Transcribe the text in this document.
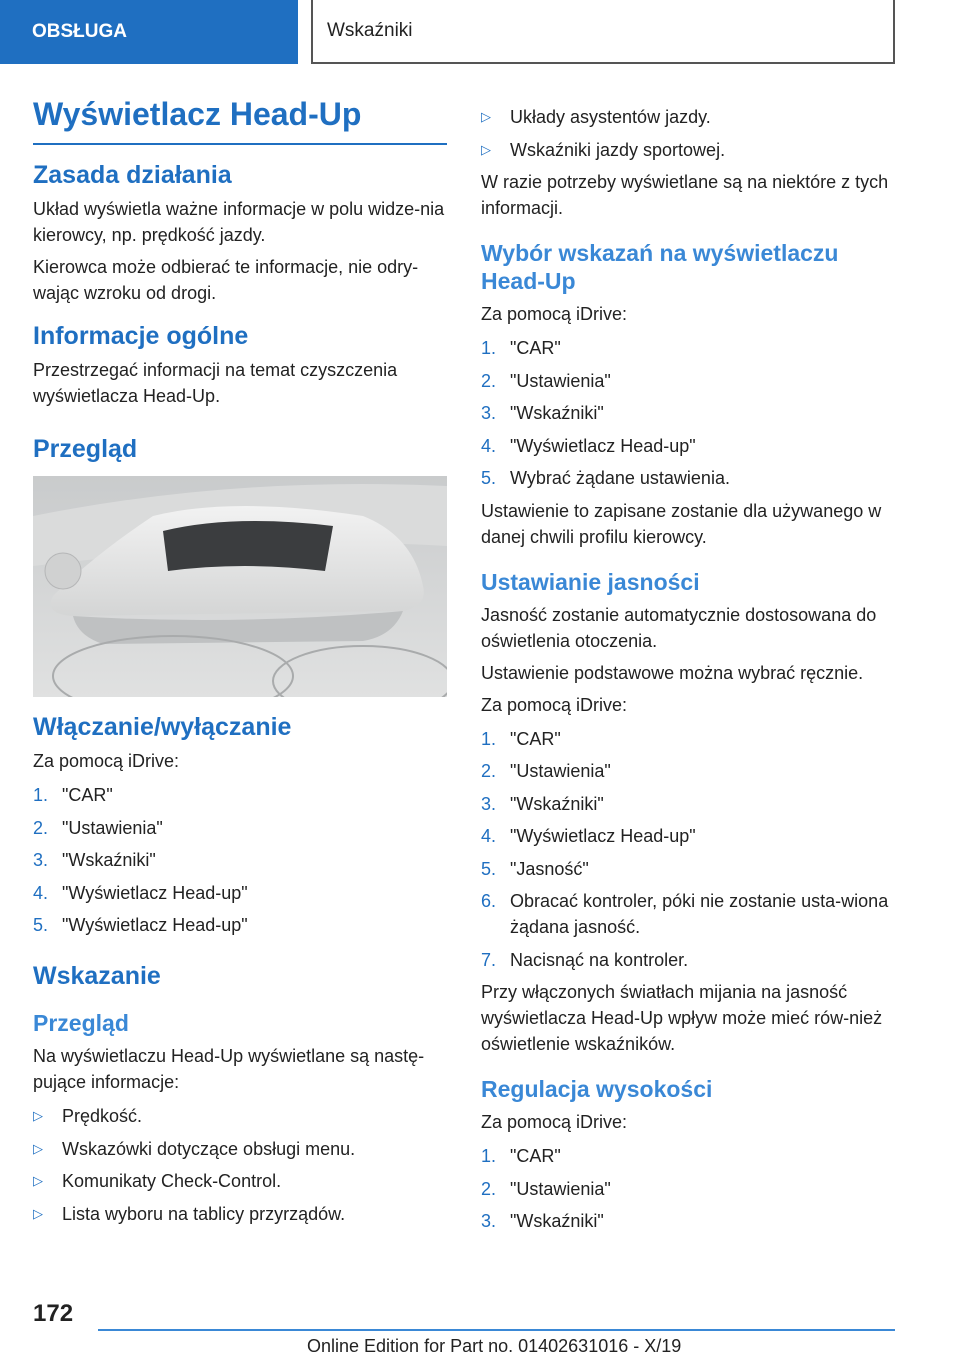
OBSŁUGA	Wskaźniki
Wyświetlacz Head-Up
Zasada działania

Układ wyświetla ważne informacje w polu widze-nia kierowcy, np. prędkość jazdy.

Kierowca może odbierać te informacje, nie odry-wając wzroku od drogi.

Informacje ogólne

Przestrzegać informacji na temat czyszczenia wyświetlacza Head-Up.

Przegląd
Włączanie/wyłączanie

Za pomocą iDrive:

1. "CAR"
2. "Ustawienia"
3. "Wskaźniki"
4. "Wyświetlacz Head-up"
5. "Wyświetlacz Head-up"
Wskazanie
Przegląd

Na wyświetlaczu Head-Up wyświetlane są nastę-pujące informacje:

▷	Prędkość.
▷	Wskazówki dotyczące obsługi menu.
▷	Komunikaty Check-Control.
▷	Lista wyboru na tablicy przyrządów.
▷	Układy asystentów jazdy.
▷	Wskaźniki jazdy sportowej.

W razie potrzeby wyświetlane są na niektóre z tych informacji.

Wybór wskazań na wyświetlaczu Head-Up

Za pomocą iDrive:

1. "CAR"
2. "Ustawienia"
3. "Wskaźniki"
4. "Wyświetlacz Head-up"
5. Wybrać żądane ustawienia.

Ustawienie to zapisane zostanie dla używanego w danej chwili profilu kierowcy.

Ustawianie jasności

Jasność zostanie automatycznie dostosowana do oświetlenia otoczenia.

Ustawienie podstawowe można wybrać ręcznie.

Za pomocą iDrive:

1. "CAR"
2. "Ustawienia"
3. "Wskaźniki"
4. "Wyświetlacz Head-up"
5. "Jasność"
6. Obracać kontroler, póki nie zostanie usta-wiona żądana jasność.
7. Nacisnąć na kontroler.

Przy włączonych światłach mijania na jasność wyświetlacza Head-Up wpływ może mieć rów-nież oświetlenie wskaźników.

Regulacja wysokości

Za pomocą iDrive:

1. "CAR"
2. "Ustawienia"
3. "Wskaźniki"
172
Online Edition for Part no. 01402631016 - X/19
